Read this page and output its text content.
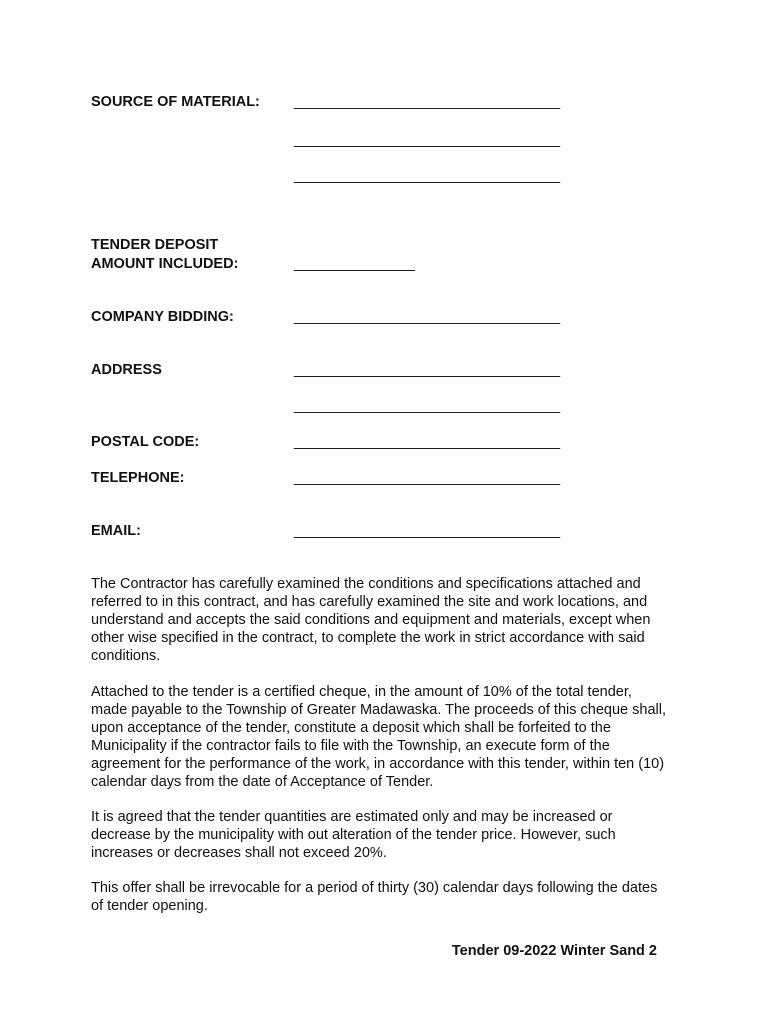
SOURCE OF MATERIAL:
TENDER DEPOSIT
AMOUNT INCLUDED:
COMPANY BIDDING:
ADDRESS
POSTAL CODE:
TELEPHONE:
EMAIL:
_________________________________
_________________________________
_________________________________
_______________
_________________________________
_________________________________
_________________________________
_________________________________
_________________________________
_________________________________

The Contractor has carefully examined the conditions and specifications attached and referred to in this contract, and has carefully examined the site and work locations, and understand and accepts the said conditions and equipment and materials, except when other wise specified in the contract, to complete the work in strict accordance with said conditions.

Attached to the tender is a certified cheque, in the amount of 10% of the total tender, made payable to the Township of Greater Madawaska. The proceeds of this cheque shall, upon acceptance of the tender, constitute a deposit which shall be forfeited to the Municipality if the contractor fails to file with the Township, an execute form of the agreement for the performance of the work, in accordance with this tender, within ten (10) calendar days from the date of Acceptance of Tender.

It is agreed that the tender quantities are estimated only and may be increased or decrease by the municipality with out alteration of the tender price. However, such increases or decreases shall not exceed 20%.

This offer shall be irrevocable for a period of thirty (30) calendar days following the dates of tender opening.

Tender 09-2022 Winter Sand 2
